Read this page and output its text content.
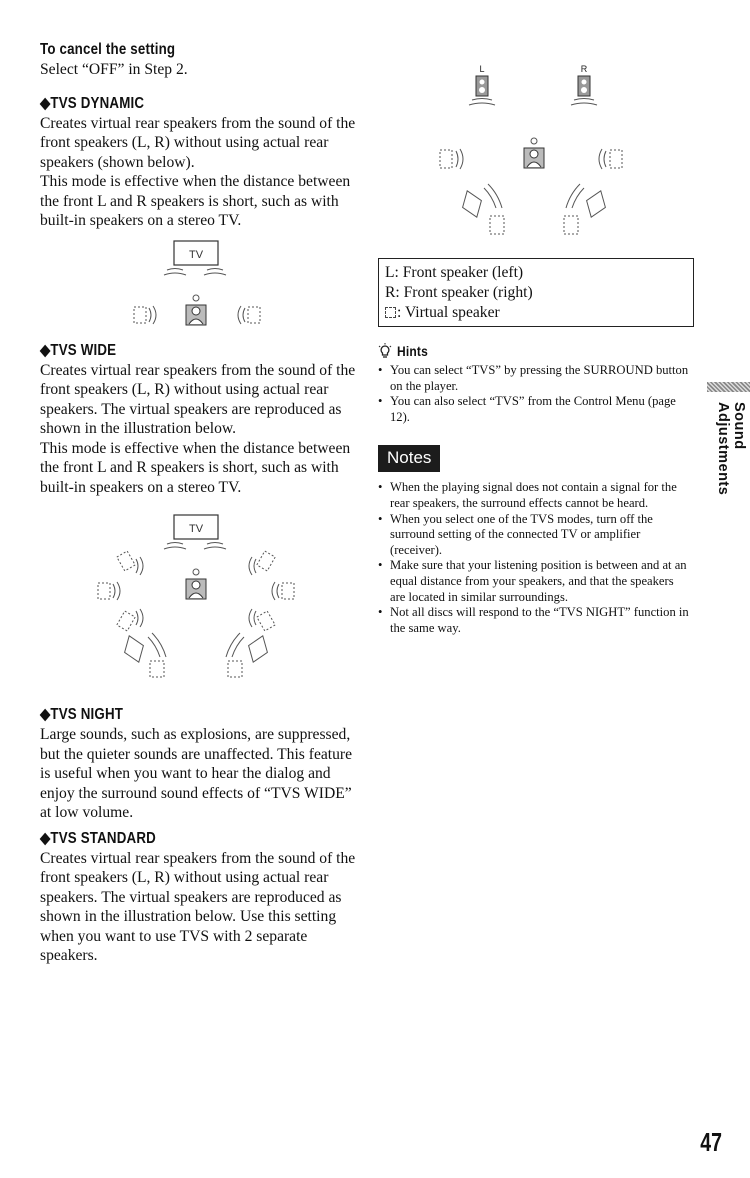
To cancel the setting

Select “OFF” in Step 2.

◆TVS DYNAMIC

Creates virtual rear speakers from the sound of the front speakers (L, R) without using actual rear speakers (shown below).
This mode is effective when the distance between the front L and R speakers is short, such as with built-in speakers on a stereo TV.

TV
◆TVS WIDE

Creates virtual rear speakers from the sound of the front speakers (L, R) without using actual rear speakers. The virtual speakers are reproduced as shown in the illustration below.
This mode is effective when the distance between the front L and R speakers is short, such as with built-in speakers on a stereo TV.

TV
◆TVS NIGHT

Large sounds, such as explosions, are suppressed, but the quieter sounds are unaffected. This feature is useful when you want to hear the dialog and enjoy the surround sound effects of “TVS WIDE” at low volume.

◆TVS STANDARD

Creates virtual rear speakers from the sound of the front speakers (L, R) without using actual rear speakers. The virtual speakers are reproduced as shown in the illustration below. Use this setting when you want to use TVS with 2 separate speakers.

L	R
L: Front speaker (left)
R: Front speaker (right)
: Virtual speaker
Hints
• You can select “TVS” by pressing the SURROUND button on the player.
• You can also select “TVS” from the Control Menu (page 12).
Notes
• When the playing signal does not contain a signal for the rear speakers, the surround effects cannot be heard.
• When you select one of the TVS modes, turn off the surround setting of the connected TV or amplifier (receiver).
• Make sure that your listening position is between and at an equal distance from your speakers, and that the speakers are located in similar surroundings.
• Not all discs will respond to the “TVS NIGHT” function in the same way.
Sound Adjustments
47
